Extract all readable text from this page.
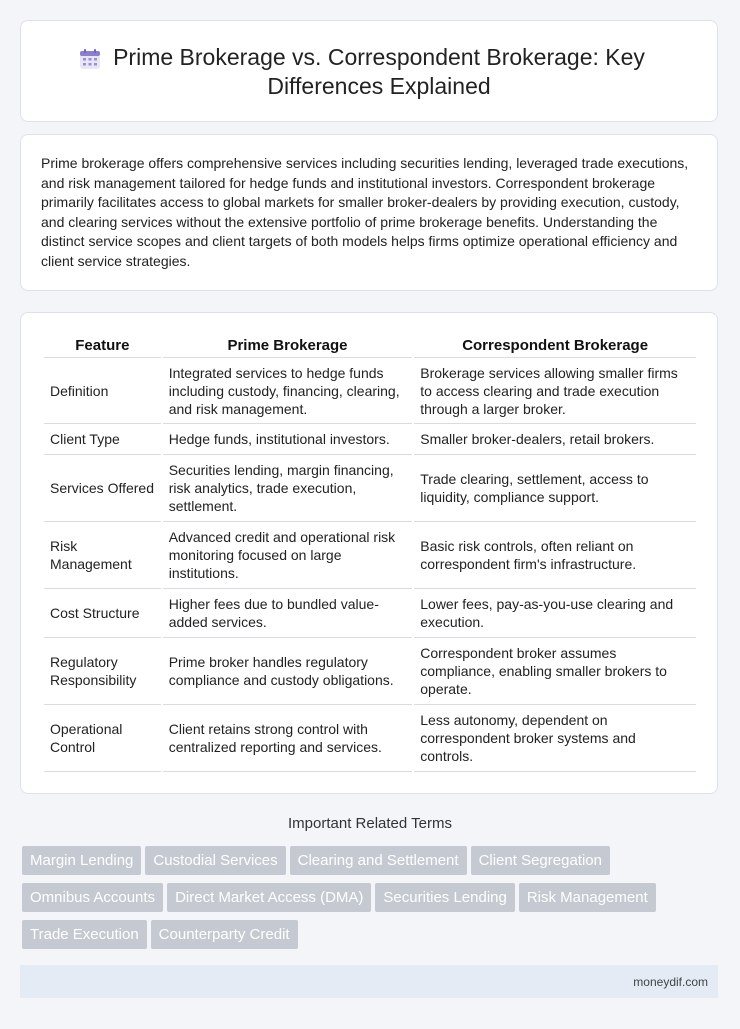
Prime Brokerage vs. Correspondent Brokerage: Key
Differences Explained
Prime brokerage offers comprehensive services including securities lending, leveraged trade executions, and risk management tailored for hedge funds and institutional investors. Correspondent brokerage primarily facilitates access to global markets for smaller broker-dealers by providing execution, custody, and clearing services without the extensive portfolio of prime brokerage benefits. Understanding the distinct service scopes and client targets of both models helps firms optimize operational efficiency and client service strategies.
Feature	Prime Brokerage	Correspondent Brokerage
Definition	Integrated services to hedge funds including custody, financing, clearing, and risk management.	Brokerage services allowing smaller firms to access clearing and trade execution through a larger broker.
Client Type	Hedge funds, institutional investors.	Smaller broker-dealers, retail brokers.
Services Offered	Securities lending, margin financing, risk analytics, trade execution, settlement.	Trade clearing, settlement, access to liquidity, compliance support.
Risk Management	Advanced credit and operational risk monitoring focused on large institutions.	Basic risk controls, often reliant on correspondent firm's infrastructure.
Cost Structure	Higher fees due to bundled value-added services.	Lower fees, pay-as-you-use clearing and execution.
Regulatory Responsibility	Prime broker handles regulatory compliance and custody obligations.	Correspondent broker assumes compliance, enabling smaller brokers to operate.
Operational Control	Client retains strong control with centralized reporting and services.	Less autonomy, dependent on correspondent broker systems and controls.
Important Related Terms
Margin Lending Custodial Services Clearing and Settlement Client Segregation
Omnibus Accounts Direct Market Access (DMA) Securities Lending Risk Management
Trade Execution Counterparty Credit
moneydif.com
